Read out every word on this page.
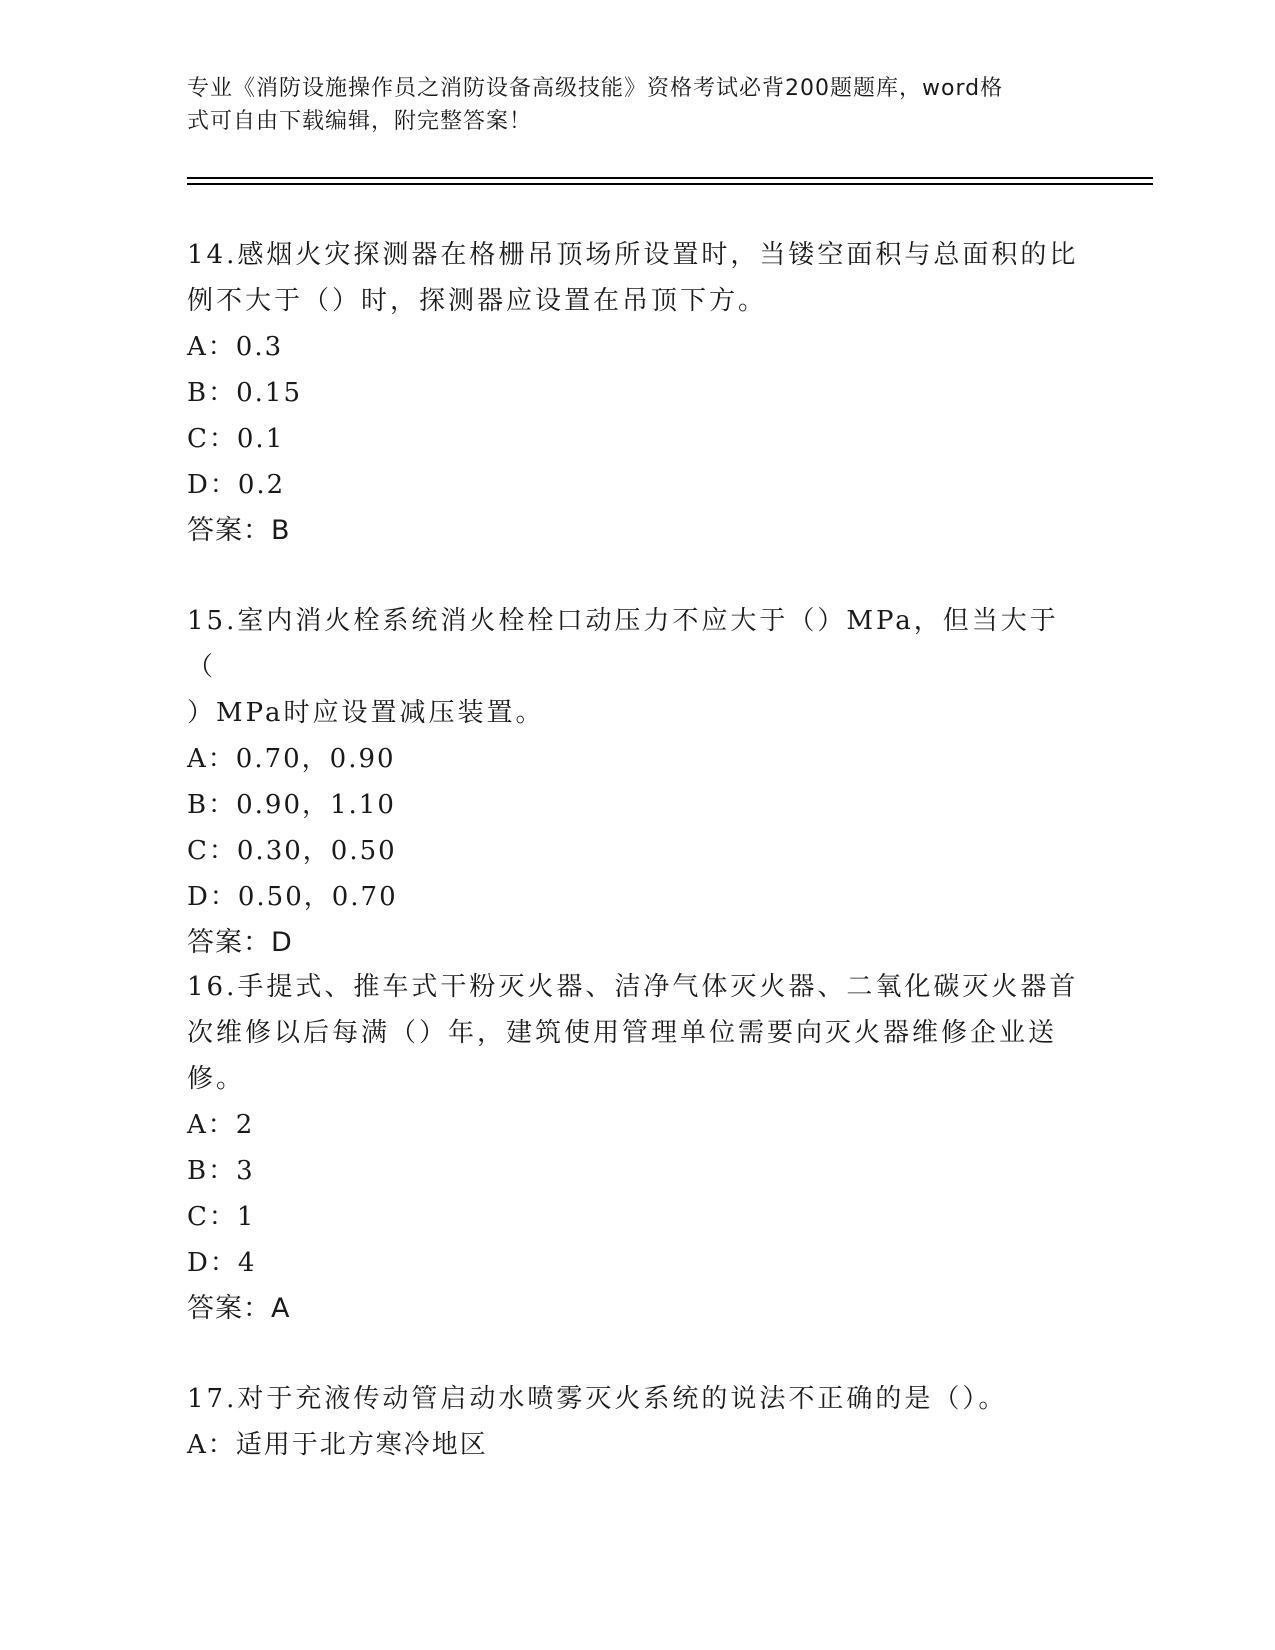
专业《消防设施操作员之消防设备高级技能》资格考试必背200题题库，word格
式可自由下载编辑，附完整答案！

14.感烟火灾探测器在格栅吊顶场所设置时，当镂空面积与总面积的比

例不大于（）时，探测器应设置在吊顶下方。

A：0.3

B：0.15

C：0.1

D：0.2

答案：B

15.室内消火栓系统消火栓栓口动压力不应大于（）MPa，但当大于（

）MPa时应设置减压装置。

A：0.70，0.90

B：0.90，1.10

C：0.30，0.50

D：0.50，0.70

答案：D

16.手提式、推车式干粉灭火器、洁净气体灭火器、二氧化碳灭火器首

次维修以后每满（）年，建筑使用管理单位需要向灭火器维修企业送

修。

A：2

B：3

C：1

D：4

答案：A

17.对于充液传动管启动水喷雾灭火系统的说法不正确的是（）。

A：适用于北方寒冷地区
